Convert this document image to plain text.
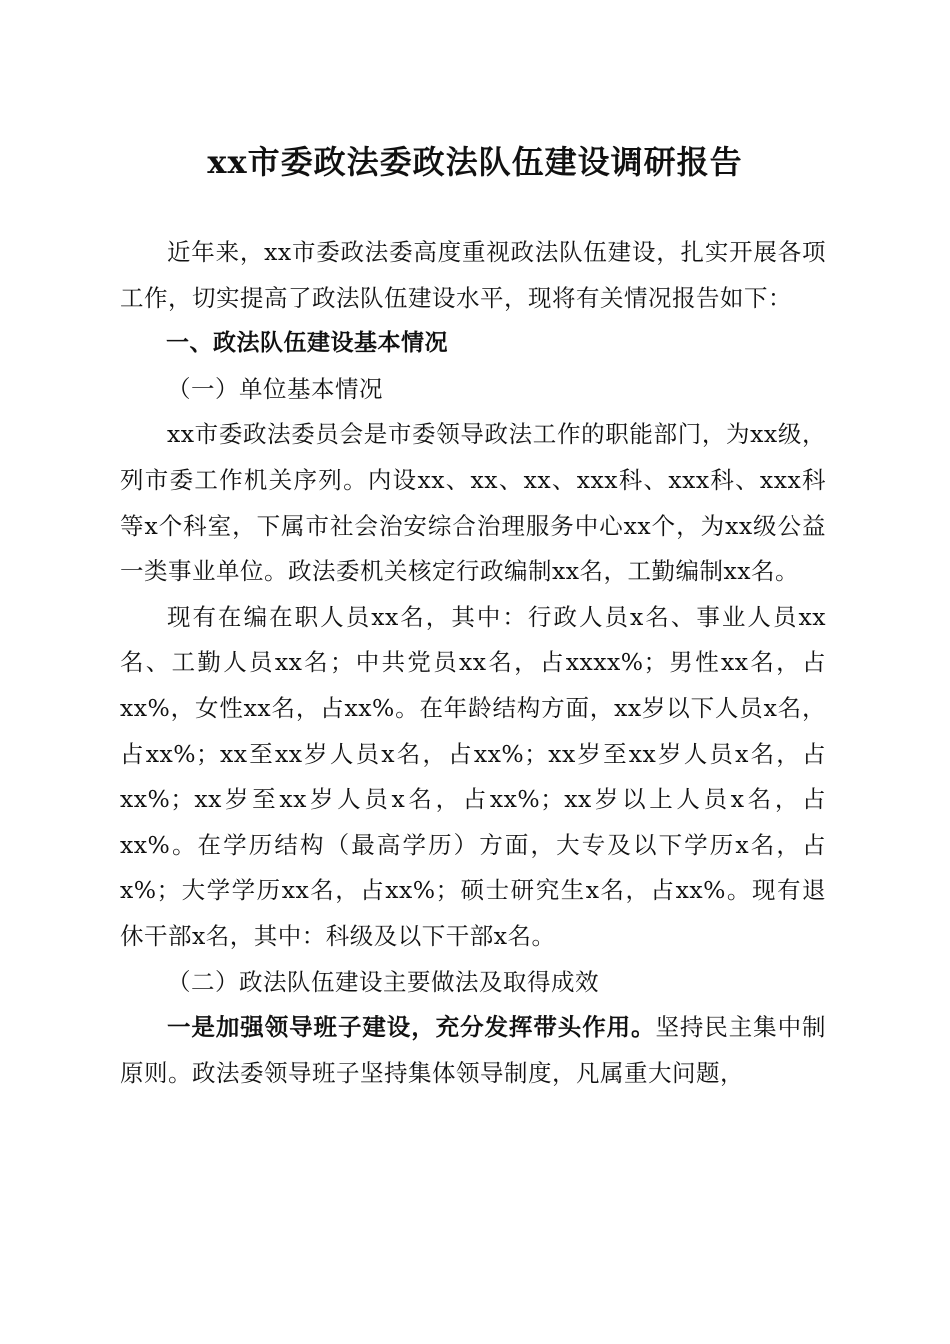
xx市委政法委政法队伍建设调研报告

近年来，xx市委政法委高度重视政法队伍建设，扎实开展各项工作，切实提高了政法队伍建设水平，现将有关情况报告如下：

一、政法队伍建设基本情况

（一）单位基本情况

xx市委政法委员会是市委领导政法工作的职能部门，为xx级，列市委工作机关序列。内设xx、xx、xx、xxx科、xxx科、xxx科等x个科室，下属市社会治安综合治理服务中心xx个，为xx级公益一类事业单位。政法委机关核定行政编制xx名，工勤编制xx名。

现有在编在职人员xx名，其中：行政人员x名、事业人员xx名、工勤人员xx名；中共党员xx名，占xxxx%；男性xx名，占xx%，女性xx名，占xx%。在年龄结构方面，xx岁以下人员x名，占xx%；xx至xx岁人员x名，占xx%；xx岁至xx岁人员x名，占xx%；xx岁至xx岁人员x名，占xx%；xx岁以上人员x名，占xx%。在学历结构（最高学历）方面，大专及以下学历x名，占x%；大学学历xx名，占xx%；硕士研究生x名，占xx%。现有退休干部x名，其中：科级及以下干部x名。

（二）政法队伍建设主要做法及取得成效

一是加强领导班子建设，充分发挥带头作用。坚持民主集中制原则。政法委领导班子坚持集体领导制度，凡属重大问题，
